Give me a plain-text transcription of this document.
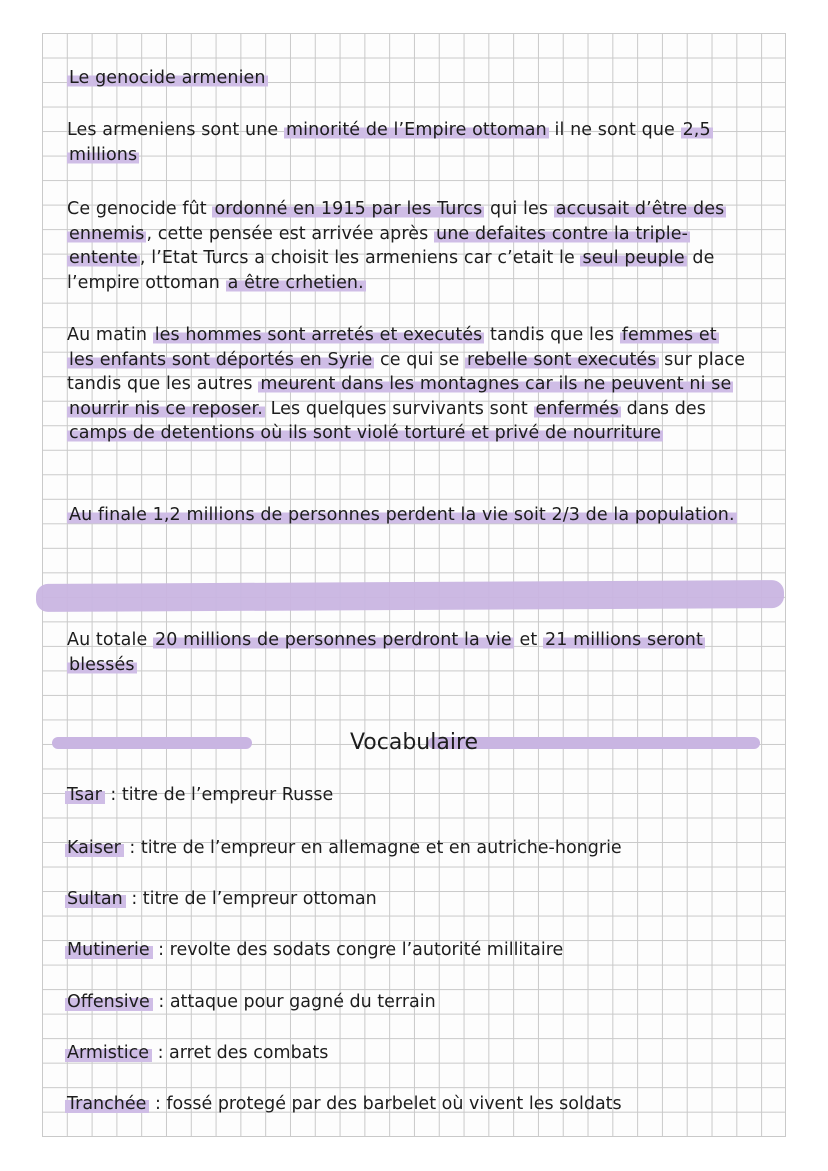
Le genocide armenien

Les armeniens sont une minorité de l’Empire ottoman il ne sont que 2,5 millions

Ce genocide fût ordonné en 1915 par les Turcs qui les accusait d’être des ennemis , cette pensée est arrivée après une defaites contre la triple-entente , l’Etat Turcs a choisit les armeniens car c’etait le seul peuple de l’empire ottoman a être crhetien.

Au matin les hommes sont arretés et executés tandis que les femmes et les enfants sont déportés en Syrie ce qui se rebelle sont executés sur place tandis que les autres meurent dans les montagnes car ils ne peuvent ni se nourrir nis ce reposer. Les quelques survivants sont enfermés dans des camps de detentions où ils sont violé torturé et privé de nourriture

Au finale 1,2 millions de personnes perdent la vie soit 2/3 de la population.

Au totale 20 millions de personnes perdront la vie et 21 millions seront blessés

Vocabulaire

Tsar : titre de l’empreur Russe

Kaiser : titre de l’empreur en allemagne et en autriche-hongrie

Sultan : titre de l’empreur ottoman

Mutinerie : revolte des sodats congre l’autorité millitaire

Offensive : attaque pour gagné du terrain

Armistice : arret des combats

Tranchée : fossé protegé par des barbelet où vivent les soldats
